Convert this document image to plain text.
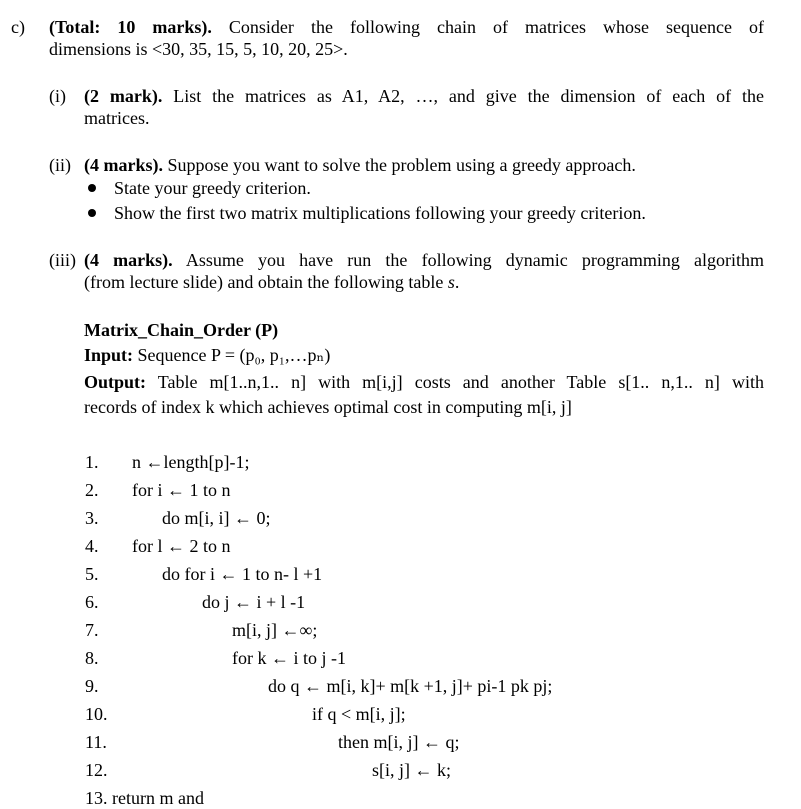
c) (Total: 10 marks). Consider the following chain of matrices whose sequence of
dimensions is <30, 35, 15, 5, 10, 20, 25>.
(i) (2 mark). List the matrices as A1, A2, …, and give the dimension of each of the
matrices.
(ii) (4 marks). Suppose you want to solve the problem using a greedy approach.
State your greedy criterion.
Show the first two matrix multiplications following your greedy criterion.
(iii) (4 marks). Assume you have run the following dynamic programming algorithm
(from lecture slide) and obtain the following table s.
Matrix_Chain_Order (P)
Input: Sequence P = (p₀, p₁,…pₙ)
Output: Table m[1..n,1.. n] with m[i,j] costs and another Table s[1.. n,1.. n] with
records of index k which achieves optimal cost in computing m[i, j]
1. n ←length[p]-1;
2. for i ← 1 to n
3.	do m[i, i] ← 0;
4. for l ← 2 to n
5.	do for i ← 1 to n- l +1
6.	do j ← i + l -1
7.	m[i, j] ←∞;
8.	for k ← i to j -1
9.	do q ← m[i, k]+ m[k +1, j]+ pi-1 pk pj;
10.	if q < m[i, j];
11.	then m[i, j] ← q;
12.	s[i, j] ← k;
13. return m and
